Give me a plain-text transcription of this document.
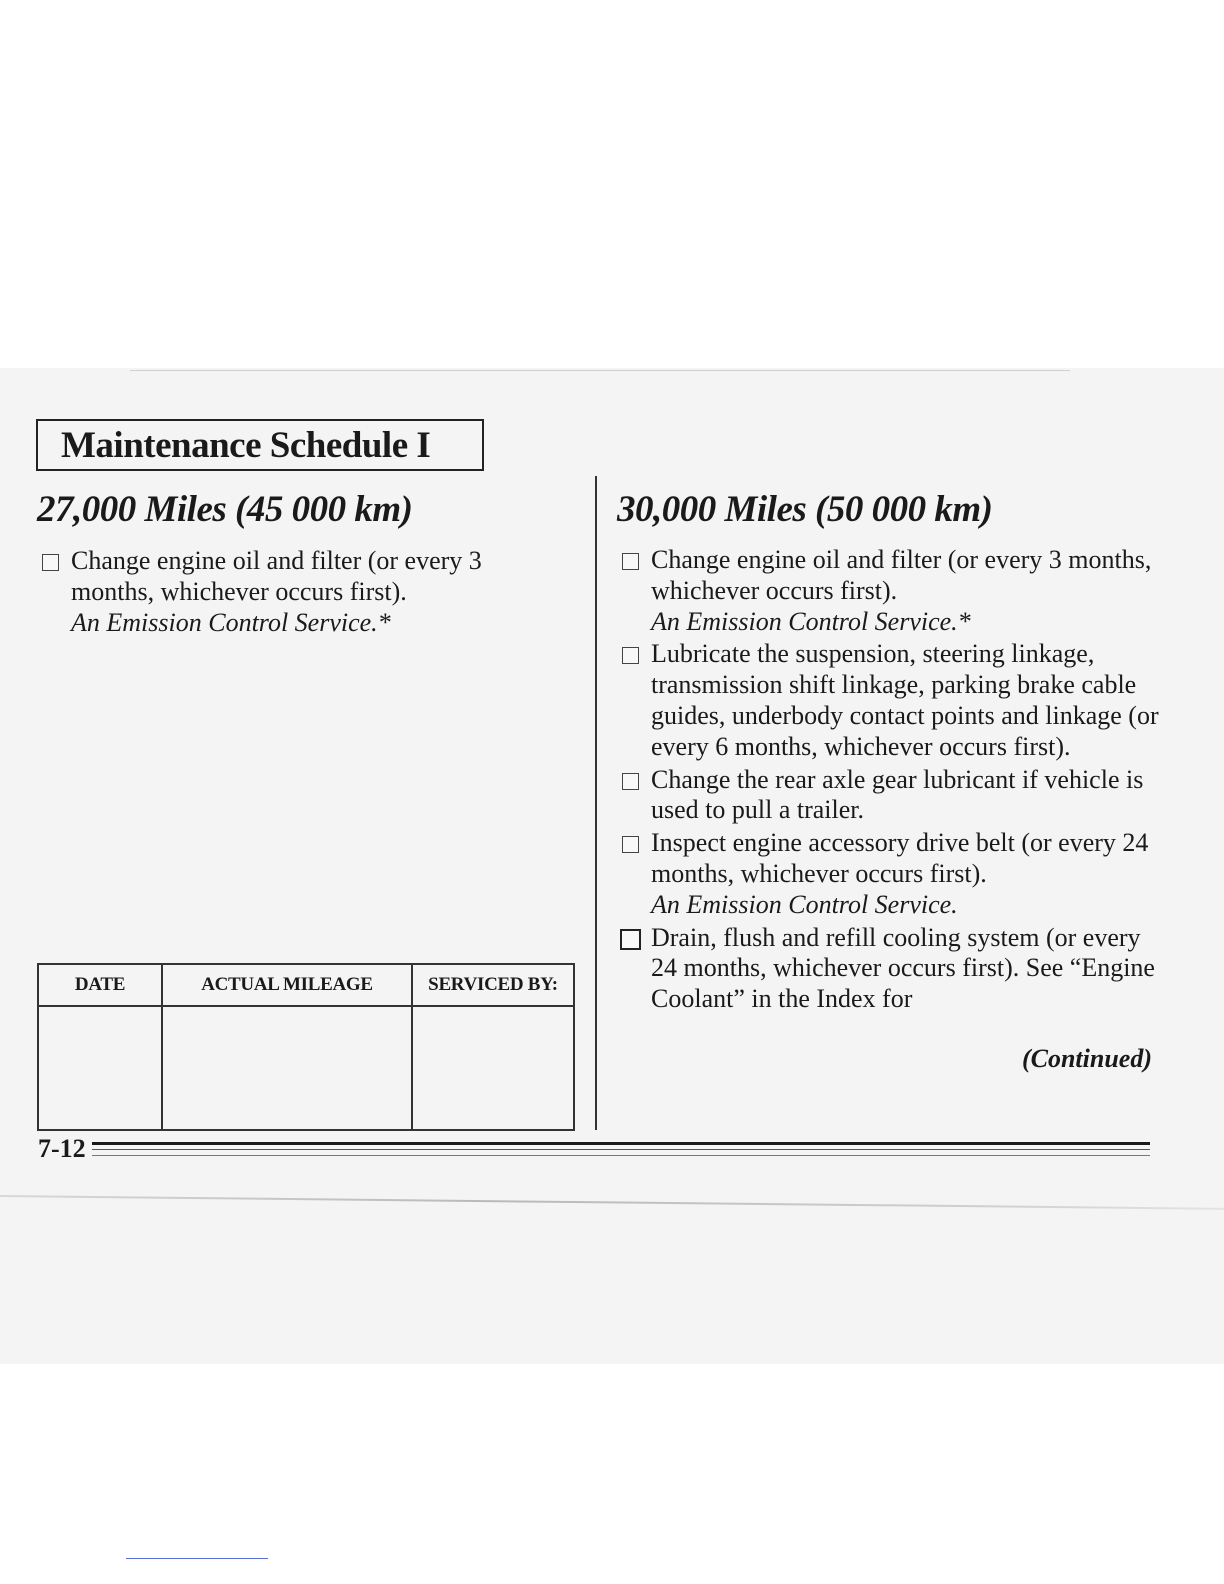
Maintenance Schedule I
27,000 Miles (45 000 km)	30,000 Miles (50 000 km)
Change engine oil and filter (or every 3 months, whichever occurs first).
An Emission Control Service.*
Change engine oil and filter (or every 3 months, whichever occurs first).
An Emission Control Service.*
Lubricate the suspension, steering linkage, transmission shift linkage, parking brake cable guides, underbody contact points and linkage (or every 6 months, whichever occurs first).
Change the rear axle gear lubricant if vehicle is used to pull a trailer.
Inspect engine accessory drive belt (or every 24 months, whichever occurs first).
An Emission Control Service.
Drain, flush and refill cooling system (or every 24 months, whichever occurs first). See “Engine Coolant” in the Index for
(Continued)
DATE	ACTUAL MILEAGE	SERVICED BY:

7-12
